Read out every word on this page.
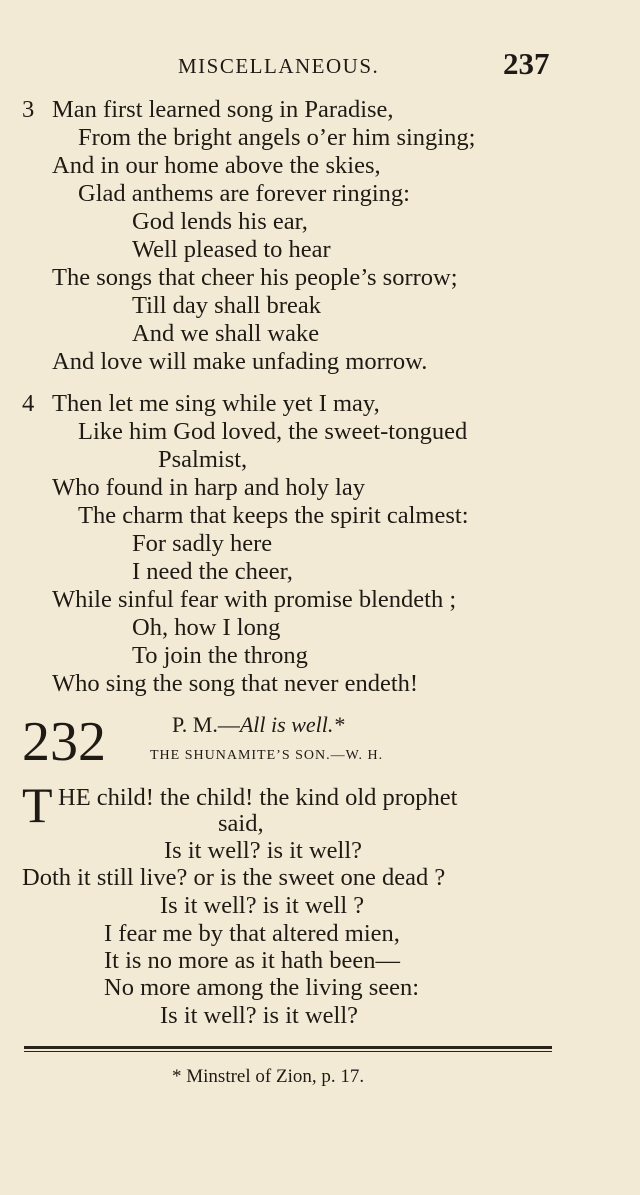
MISCELLANEOUS.	237
3 Man first learned song in Paradise,
From the bright angels o’er him singing;
And in our home above the skies,
Glad anthems are forever ringing:
God lends his ear,
Well pleased to hear
The songs that cheer his people’s sorrow;
Till day shall break
And we shall wake
And love will make unfading morrow.
4 Then let me sing while yet I may,
Like him God loved, the sweet-tongued
Psalmist,
Who found in harp and holy lay
The charm that keeps the spirit calmest:
For sadly here
I need the cheer,
While sinful fear with promise blendeth ;
Oh, how I long
To join the throng
Who sing the song that never endeth!
232	P. M.—All is well.*
THE SHUNAMITE’S SON.—W. H.
T HE child! the child! the kind old prophet
said,
Is it well? is it well?
Doth it still live? or is the sweet one dead ?
Is it well? is it well ?
I fear me by that altered mien,
It is no more as it hath been—
No more among the living seen:
Is it well? is it well?
* Minstrel of Zion, p. 17.
